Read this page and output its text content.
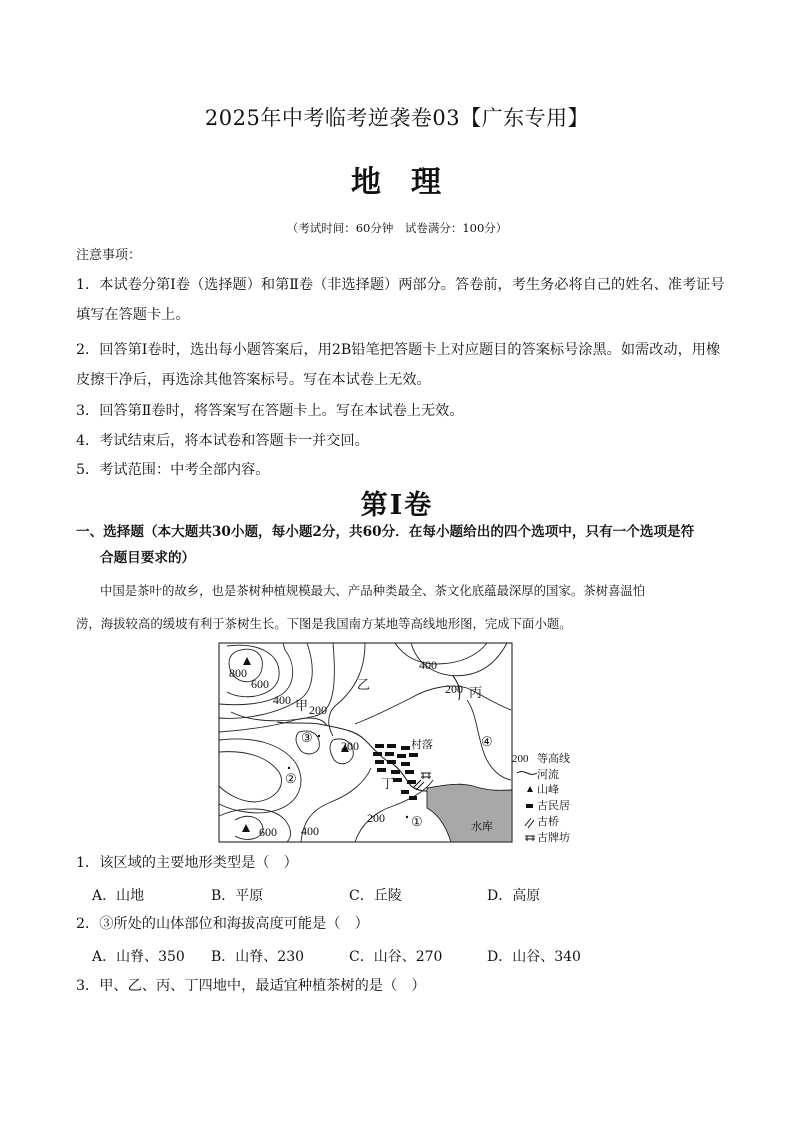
2025年中考临考逆袭卷03【广东专用】
地 理
（考试时间：60分钟　试卷满分：100分）
注意事项：
1．本试卷分第Ⅰ卷（选择题）和第Ⅱ卷（非选择题）两部分。答卷前，考生务必将自己的姓名、准考证号
填写在答题卡上。
2．回答第Ⅰ卷时，选出每小题答案后，用2B铅笔把答题卡上对应题目的答案标号涂黑。如需改动，用橡
皮擦干净后，再选涂其他答案标号。写在本试卷上无效。
3．回答第Ⅱ卷时，将答案写在答题卡上。写在本试卷上无效。
4．考试结束后，将本试卷和答题卡一并交回。
5．考试范围：中考全部内容。
第Ⅰ卷
一、选择题（本大题共30小题，每小题2分，共60分．在每小题给出的四个选项中，只有一个选项是符
合题目要求的）
中国是茶叶的故乡，也是茶树种植规模最大、产品种类最全、茶文化底蕴最深厚的国家。茶树喜温怕
涝，海拔较高的缓坡有利于茶树生长。下图是我国南方某地等高线地形图，完成下面小题。
800
600
400
200
400
200
200
600 400
200
甲
乙
丙
丁
①
②
③	④
村落
水库
200 等高线
河流
山峰
古民居
古桥
古牌坊
1．该区域的主要地形类型是（　）
A．山地	B．平原	C．丘陵	D．高原
2．③所处的山体部位和海拔高度可能是（　）
A．山脊、350 B．山脊、230	C．山谷、270	D．山谷、340
3．甲、乙、丙、丁四地中，最适宜种植茶树的是（　）
